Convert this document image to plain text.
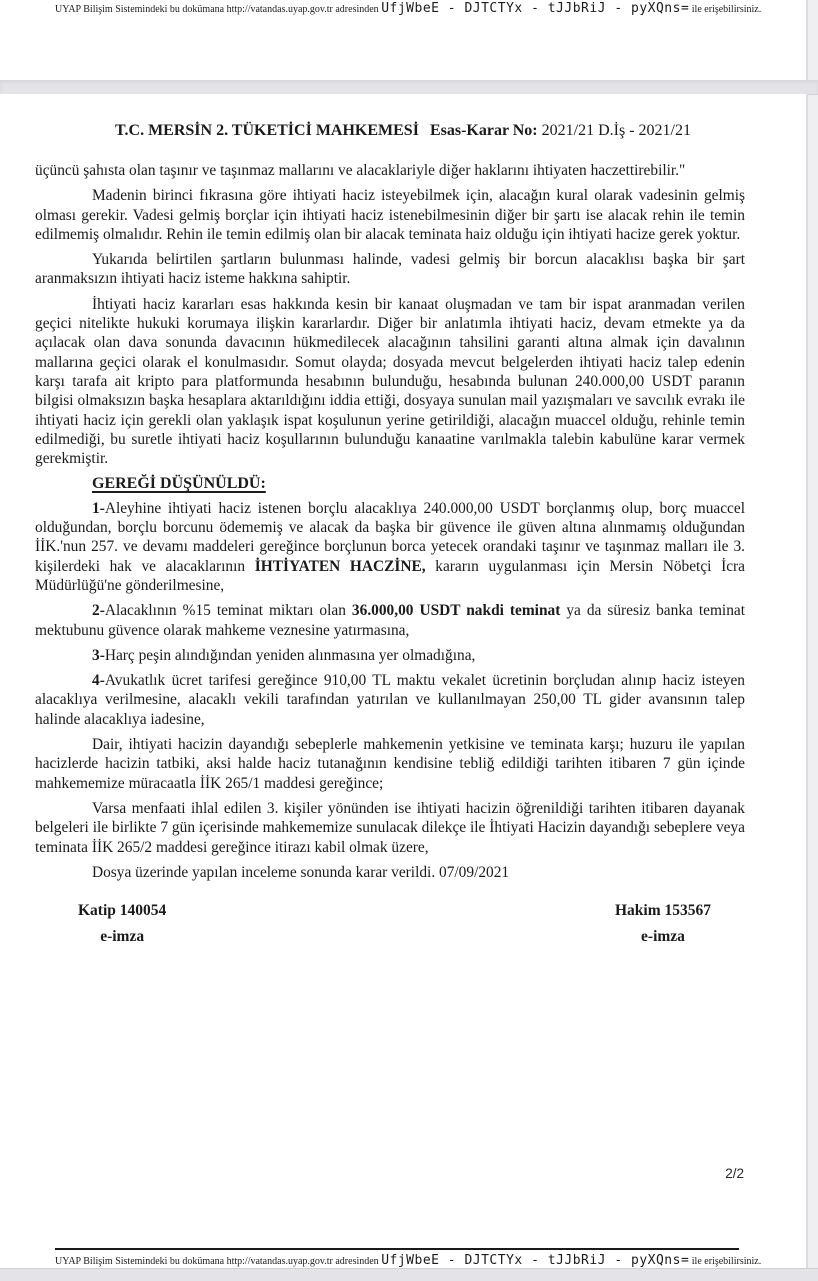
UYAP Bilişim Sistemindeki bu dokümana http://vatandas.uyap.gov.tr adresinden UfjWbeE - DJTCTYx - tJJbRiJ - pyXQns= ile erişebilirsiniz.
T.C. MERSİN 2. TÜKETİCİ MAHKEMESİ Esas-Karar No: 2021/21 D.İş - 2021/21

üçüncü şahısta olan taşınır ve taşınmaz mallarını ve alacaklariyle diğer haklarını ihtiyaten haczettirebilir."

Madenin birinci fıkrasına göre ihtiyati haciz isteyebilmek için, alacağın kural olarak vadesinin gelmiş olması gerekir. Vadesi gelmiş borçlar için ihtiyati haciz istenebilmesinin diğer bir şartı ise alacak rehin ile temin edilmemiş olmalıdır. Rehin ile temin edilmiş olan bir alacak teminata haiz olduğu için ihtiyati hacize gerek yoktur.

Yukarıda belirtilen şartların bulunması halinde, vadesi gelmiş bir borcun alacaklısı başka bir şart aranmaksızın ihtiyati haciz isteme hakkına sahiptir.

İhtiyati haciz kararları esas hakkında kesin bir kanaat oluşmadan ve tam bir ispat aranmadan verilen geçici nitelikte hukuki korumaya ilişkin kararlardır. Diğer bir anlatımla ihtiyati haciz, devam etmekte ya da açılacak olan dava sonunda davacının hükmedilecek alacağının tahsilini garanti altına almak için davalının mallarına geçici olarak el konulmasıdır. Somut olayda; dosyada mevcut belgelerden ihtiyati haciz talep edenin karşı tarafa ait kripto para platformunda hesabının bulunduğu, hesabında bulunan 240.000,00 USDT paranın bilgisi olmaksızın başka hesaplara aktarıldığını iddia ettiği, dosyaya sunulan mail yazışmaları ve savcılık evrakı ile ihtiyati haciz için gerekli olan yaklaşık ispat koşulunun yerine getirildiği, alacağın muaccel olduğu, rehinle temin edilmediği, bu suretle ihtiyati haciz koşullarının bulunduğu kanaatine varılmakla talebin kabulüne karar vermek gerekmiştir.

GEREĞİ DÜŞÜNÜLDÜ:

1-Aleyhine ihtiyati haciz istenen borçlu alacaklıya 240.000,00 USDT borçlanmış olup, borç muaccel olduğundan, borçlu borcunu ödememiş ve alacak da başka bir güvence ile güven altına alınmamış olduğundan İİK.'nun 257. ve devamı maddeleri gereğince borçlunun borca yetecek orandaki taşınır ve taşınmaz malları ile 3. kişilerdeki hak ve alacaklarının İHTİYATEN HACZİNE, kararın uygulanması için Mersin Nöbetçi İcra Müdürlüğü'ne gönderilmesine,

2-Alacaklının %15 teminat miktarı olan 36.000,00 USDT nakdi teminat ya da süresiz banka teminat mektubunu güvence olarak mahkeme veznesine yatırmasına,

3-Harç peşin alındığından yeniden alınmasına yer olmadığına,

4-Avukatlık ücret tarifesi gereğince 910,00 TL maktu vekalet ücretinin borçludan alınıp haciz isteyen alacaklıya verilmesine, alacaklı vekili tarafından yatırılan ve kullanılmayan 250,00 TL gider avansının talep halinde alacaklıya iadesine,

Dair, ihtiyati hacizin dayandığı sebeplerle mahkemenin yetkisine ve teminata karşı; huzuru ile yapılan hacizlerde hacizin tatbiki, aksi halde haciz tutanağının kendisine tebliğ edildiği tarihten itibaren 7 gün içinde mahkememize müracaatla İİK 265/1 maddesi gereğince;

Varsa menfaati ihlal edilen 3. kişiler yönünden ise ihtiyati hacizin öğrenildiği tarihten itibaren dayanak belgeleri ile birlikte 7 gün içerisinde mahkememize sunulacak dilekçe ile İhtiyati Hacizin dayandığı sebeplere veya teminata İİK 265/2 maddesi gereğince itirazı kabil olmak üzere,

Dosya üzerinde yapılan inceleme sonunda karar verildi. 07/09/2021

Katip 140054
e-imza
Hakim 153567
e-imza
2/2
UYAP Bilişim Sistemindeki bu dokümana http://vatandas.uyap.gov.tr adresinden UfjWbeE - DJTCTYx - tJJbRiJ - pyXQns= ile erişebilirsiniz.
